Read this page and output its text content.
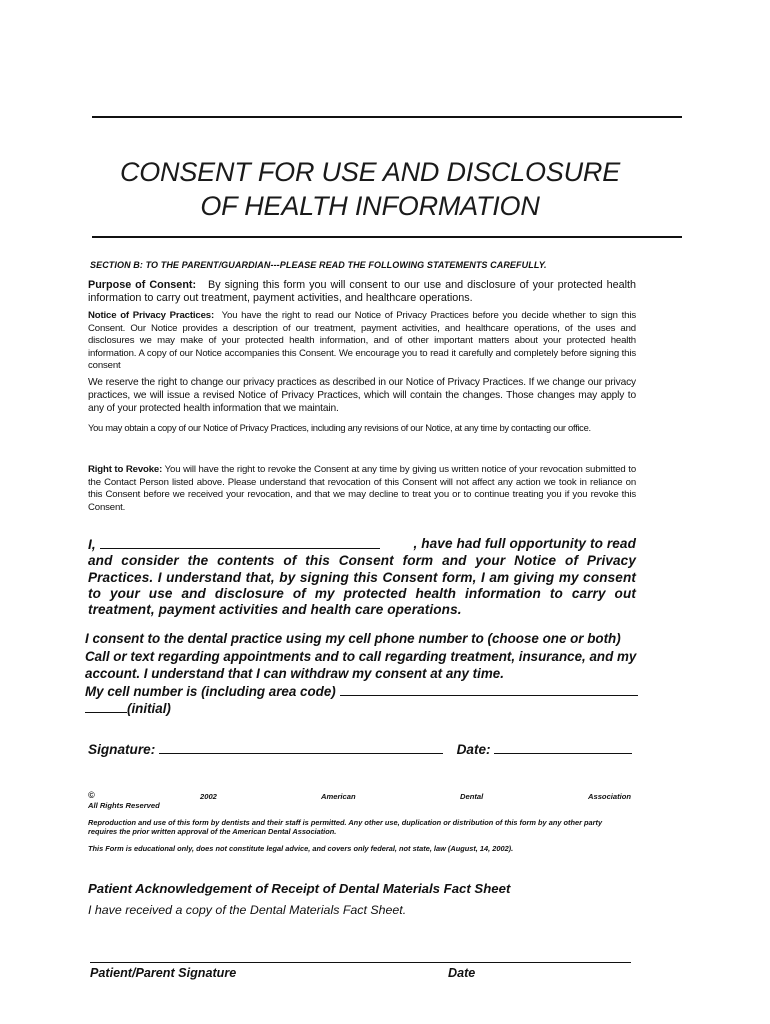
CONSENT FOR USE AND DISCLOSURE
OF HEALTH INFORMATION
SECTION B: TO THE PARENT/GUARDIAN---PLEASE READ THE FOLLOWING STATEMENTS CAREFULLY.
Purpose of Consent: By signing this form you will consent to our use and disclosure of your protected health information to carry out treatment, payment activities, and healthcare operations.
Notice of Privacy Practices: You have the right to read our Notice of Privacy Practices before you decide whether to sign this Consent. Our Notice provides a description of our treatment, payment activities, and healthcare operations, of the uses and disclosures we may make of your protected health information, and of other important matters about your protected health information. A copy of our Notice accompanies this Consent. We encourage you to read it carefully and completely before signing this consent
We reserve the right to change our privacy practices as described in our Notice of Privacy Practices. If we change our privacy practices, we will issue a revised Notice of Privacy Practices, which will contain the changes. Those changes may apply to any of your protected health information that we maintain.
You may obtain a copy of our Notice of Privacy Practices, including any revisions of our Notice, at any time by contacting our office.
Right to Revoke: You will have the right to revoke the Consent at any time by giving us written notice of your revocation submitted to the Contact Person listed above. Please understand that revocation of this Consent will not affect any action we took in reliance on this Consent before we received your revocation, and that we may decline to treat you or to continue treating you if you revoke this Consent.
I,	, have had full opportunity to read
and consider the contents of this Consent form and your Notice of Privacy Practices. I understand that, by signing this Consent form, I am giving my consent to your use and disclosure of my protected health information to carry out treatment, payment activities and health care operations.
I consent to the dental practice using my cell phone number to (choose one or both)
Call or text regarding appointments and to call regarding treatment, insurance, and my
account. I understand that I can withdraw my consent at any time.
My cell number is (including area code)
(initial)
Signature:	Date:
©	2002	American	Dental	Association
All Rights Reserved
Reproduction and use of this form by dentists and their staff is permitted. Any other use, duplication or distribution of this form by any other party requires the prior written approval of the American Dental Association.
This Form is educational only, does not constitute legal advice, and covers only federal, not state, law (August, 14, 2002).
Patient Acknowledgement of Receipt of Dental Materials Fact Sheet
I have received a copy of the Dental Materials Fact Sheet.
Patient/Parent Signature	Date
